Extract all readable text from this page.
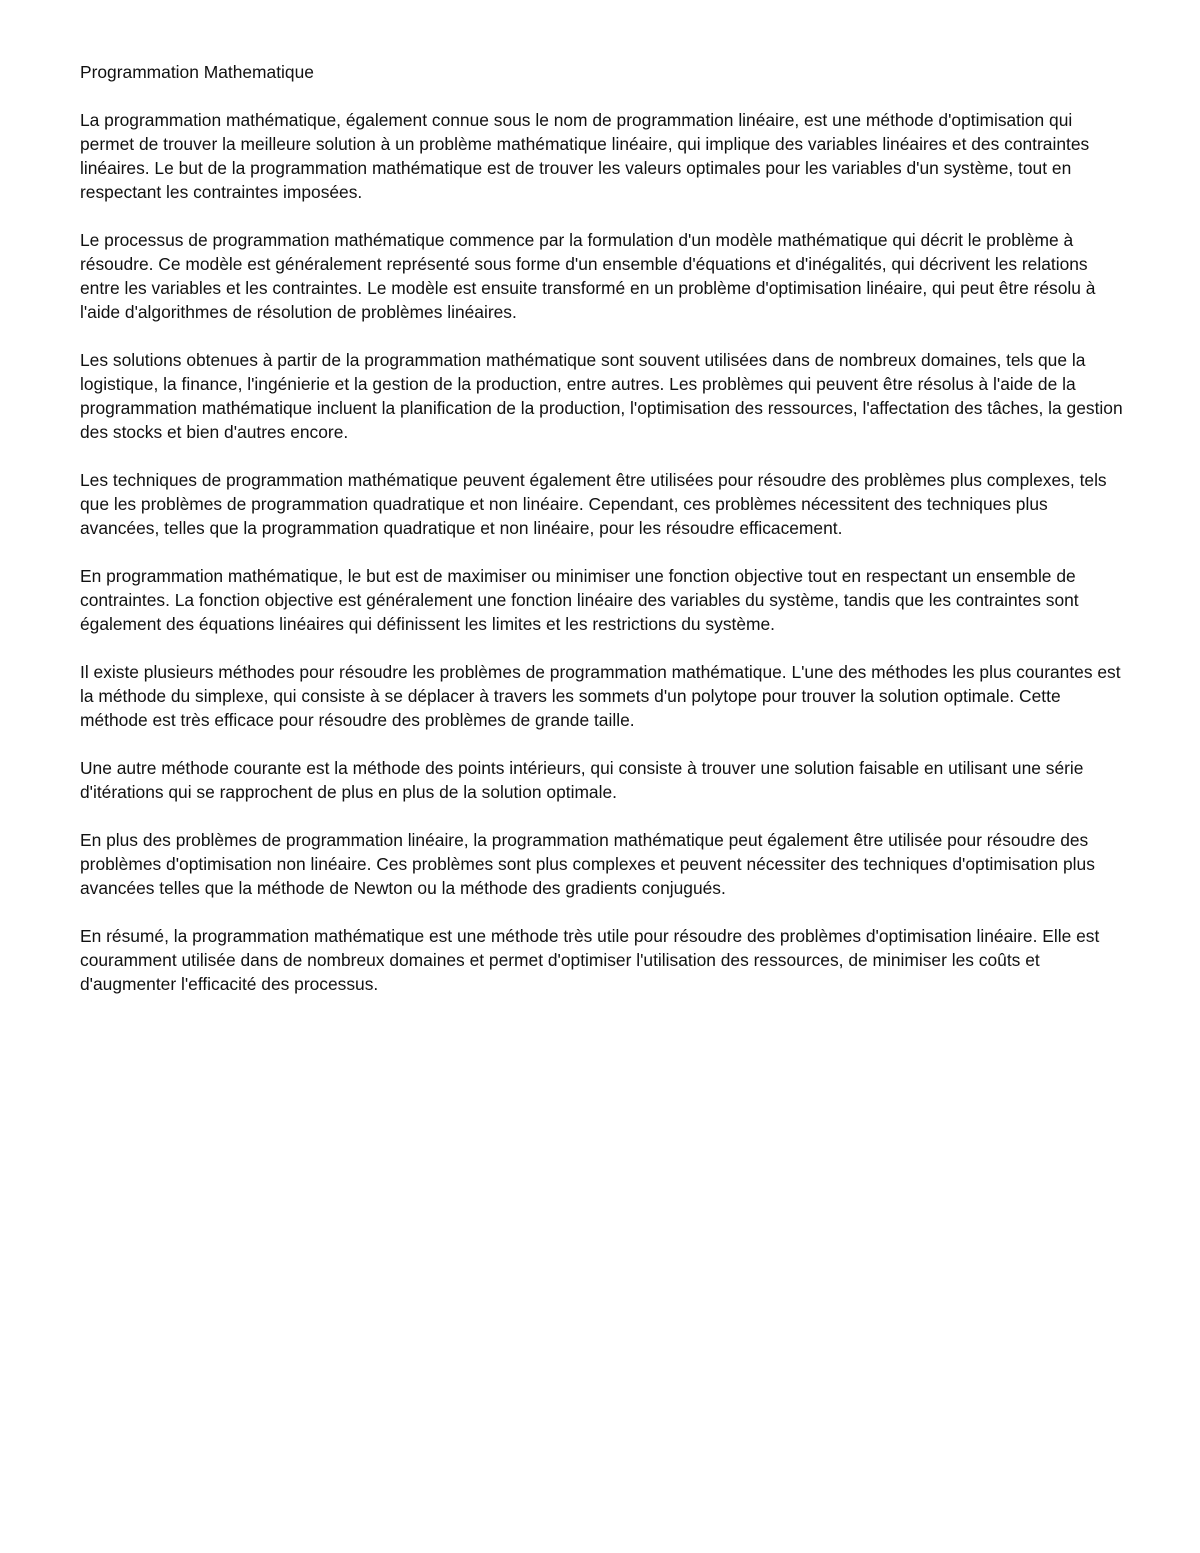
Programmation Mathematique

La programmation mathématique, également connue sous le nom de programmation linéaire, est une méthode d'optimisation qui permet de trouver la meilleure solution à un problème mathématique linéaire, qui implique des variables linéaires et des contraintes linéaires. Le but de la programmation mathématique est de trouver les valeurs optimales pour les variables d'un système, tout en respectant les contraintes imposées.

Le processus de programmation mathématique commence par la formulation d'un modèle mathématique qui décrit le problème à résoudre. Ce modèle est généralement représenté sous forme d'un ensemble d'équations et d'inégalités, qui décrivent les relations entre les variables et les contraintes. Le modèle est ensuite transformé en un problème d'optimisation linéaire, qui peut être résolu à l'aide d'algorithmes de résolution de problèmes linéaires.

Les solutions obtenues à partir de la programmation mathématique sont souvent utilisées dans de nombreux domaines, tels que la logistique, la finance, l'ingénierie et la gestion de la production, entre autres. Les problèmes qui peuvent être résolus à l'aide de la programmation mathématique incluent la planification de la production, l'optimisation des ressources, l'affectation des tâches, la gestion des stocks et bien d'autres encore.

Les techniques de programmation mathématique peuvent également être utilisées pour résoudre des problèmes plus complexes, tels que les problèmes de programmation quadratique et non linéaire. Cependant, ces problèmes nécessitent des techniques plus avancées, telles que la programmation quadratique et non linéaire, pour les résoudre efficacement.

En programmation mathématique, le but est de maximiser ou minimiser une fonction objective tout en respectant un ensemble de contraintes. La fonction objective est généralement une fonction linéaire des variables du système, tandis que les contraintes sont également des équations linéaires qui définissent les limites et les restrictions du système.

Il existe plusieurs méthodes pour résoudre les problèmes de programmation mathématique. L'une des méthodes les plus courantes est la méthode du simplexe, qui consiste à se déplacer à travers les sommets d'un polytope pour trouver la solution optimale. Cette méthode est très efficace pour résoudre des problèmes de grande taille.

Une autre méthode courante est la méthode des points intérieurs, qui consiste à trouver une solution faisable en utilisant une série d'itérations qui se rapprochent de plus en plus de la solution optimale.

En plus des problèmes de programmation linéaire, la programmation mathématique peut également être utilisée pour résoudre des problèmes d'optimisation non linéaire. Ces problèmes sont plus complexes et peuvent nécessiter des techniques d'optimisation plus avancées telles que la méthode de Newton ou la méthode des gradients conjugués.

En résumé, la programmation mathématique est une méthode très utile pour résoudre des problèmes d'optimisation linéaire. Elle est couramment utilisée dans de nombreux domaines et permet d'optimiser l'utilisation des ressources, de minimiser les coûts et d'augmenter l'efficacité des processus.
